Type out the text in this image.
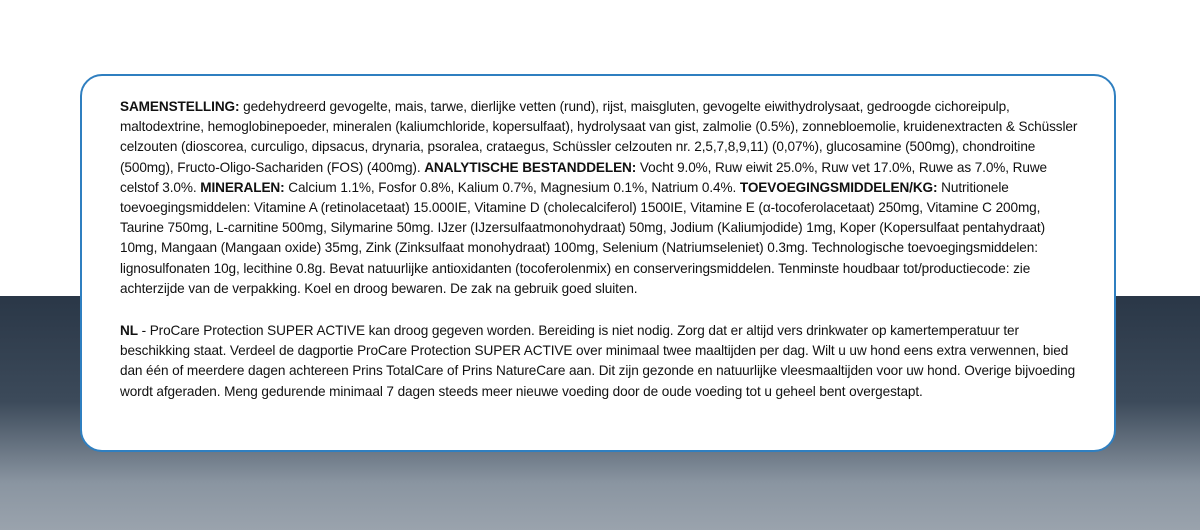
SAMENSTELLING: gedehydreerd gevogelte, mais, tarwe, dierlijke vetten (rund), rijst, maisgluten, gevogelte eiwithydrolysaat, gedroogde cichoreipulp, maltodextrine, hemoglobinepoeder, mineralen (kaliumchloride, kopersulfaat), hydrolysaat van gist, zalmolie (0.5%), zonnebloemolie, kruidenextracten & Schüssler celzouten (dioscorea, curculigo, dipsacus, drynaria, psoralea, crataegus, Schüssler celzouten nr. 2,5,7,8,9,11) (0,07%), glucosamine (500mg), chondroitine (500mg), Fructo-Oligo-Sachariden (FOS) (400mg). ANALYTISCHE BESTANDDELEN: Vocht 9.0%, Ruw eiwit 25.0%, Ruw vet 17.0%, Ruwe as 7.0%, Ruwe celstof 3.0%. MINERALEN: Calcium 1.1%, Fosfor 0.8%, Kalium 0.7%, Magnesium 0.1%, Natrium 0.4%. TOEVOEGINGSMIDDELEN/KG: Nutritionele toevoegingsmiddelen: Vitamine A (retinolacetaat) 15.000IE, Vitamine D (cholecalciferol) 1500IE, Vitamine E (α-tocoferolacetaat) 250mg, Vitamine C 200mg, Taurine 750mg, L-carnitine 500mg, Silymarine 50mg. IJzer (IJzersulfaatmonohydraat) 50mg, Jodium (Kaliumjodide) 1mg, Koper (Kopersulfaat pentahydraat) 10mg, Mangaan (Mangaan oxide) 35mg, Zink (Zinksulfaat monohydraat) 100mg, Selenium (Natriumseleniet) 0.3mg. Technologische toevoegingsmiddelen: lignosulfonaten 10g, lecithine 0.8g. Bevat natuurlijke antioxidanten (tocoferolenmix) en conserveringsmiddelen. Tenminste houdbaar tot/productiecode: zie achterzijde van de verpakking. Koel en droog bewaren. De zak na gebruik goed sluiten.

NL - ProCare Protection SUPER ACTIVE kan droog gegeven worden. Bereiding is niet nodig. Zorg dat er altijd vers drinkwater op kamertemperatuur ter beschikking staat. Verdeel de dagportie ProCare Protection SUPER ACTIVE over minimaal twee maaltijden per dag. Wilt u uw hond eens extra verwennen, bied dan één of meerdere dagen achtereen Prins TotalCare of Prins NatureCare aan. Dit zijn gezonde en natuurlijke vleesmaaltijden voor uw hond. Overige bijvoeding wordt afgeraden. Meng gedurende minimaal 7 dagen steeds meer nieuwe voeding door de oude voeding tot u geheel bent overgestapt.
